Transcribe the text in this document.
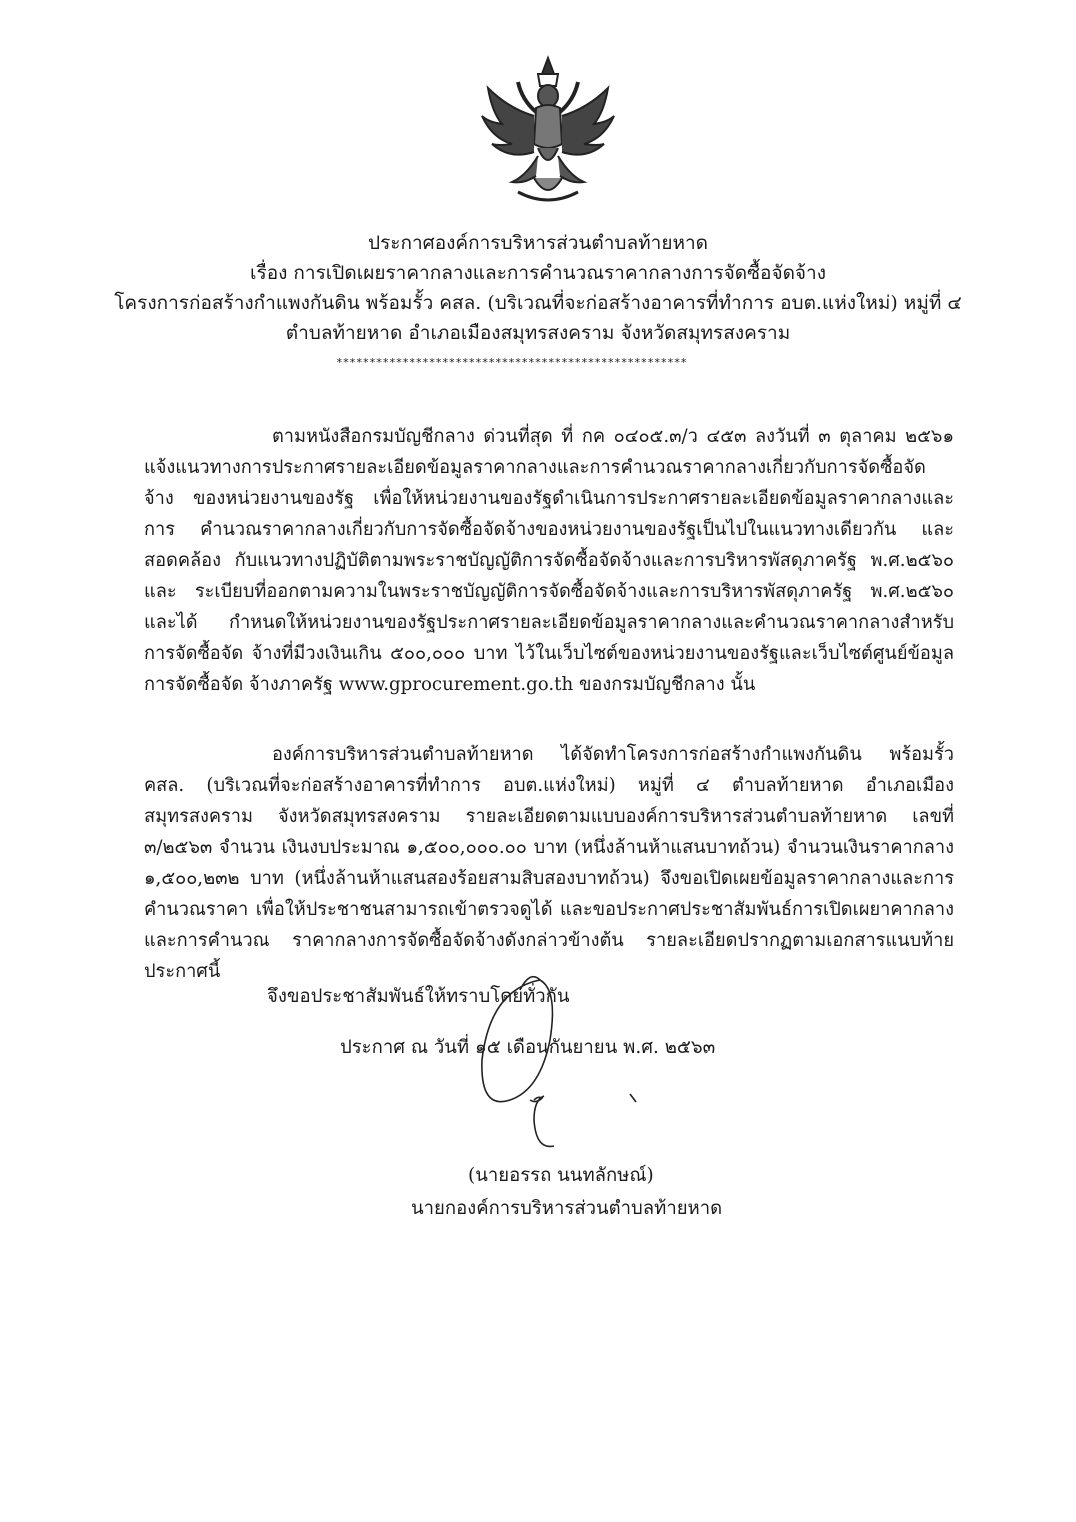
ประกาศองค์การบริหารส่วนตำบลท้ายหาด
เรื่อง การเปิดเผยราคากลางและการคำนวณราคากลางการจัดซื้อจัดจ้าง
โครงการก่อสร้างกำแพงกันดิน พร้อมรั้ว คสล. (บริเวณที่จะก่อสร้างอาคารที่ทำการ อบต.แห่งใหม่) หมู่ที่ ๔
ตำบลท้ายหาด อำเภอเมืองสมุทรสงคราม จังหวัดสมุทรสงคราม
*****************************************************
ตามหนังสือกรมบัญชีกลาง ด่วนที่สุด ที่ กค ๐๔๐๕.๓/ว ๔๕๓ ลงวันที่ ๓ ตุลาคม ๒๕๖๑ แจ้งแนวทางการประกาศรายละเอียดข้อมูลราคากลางและการคำนวณราคากลางเกี่ยวกับการจัดซื้อจัดจ้าง ของหน่วยงานของรัฐ เพื่อให้หน่วยงานของรัฐดำเนินการประกาศรายละเอียดข้อมูลราคากลางและการ คำนวณราคากลางเกี่ยวกับการจัดซื้อจัดจ้างของหน่วยงานของรัฐเป็นไปในแนวทางเดียวกัน และสอดคล้อง กับแนวทางปฏิบัติตามพระราชบัญญัติการจัดซื้อจัดจ้างและการบริหารพัสดุภาครัฐ พ.ศ.๒๕๖๐ และ ระเบียบที่ออกตามความในพระราชบัญญัติการจัดซื้อจัดจ้างและการบริหารพัสดุภาครัฐ พ.ศ.๒๕๖๐ และได้ กำหนดให้หน่วยงานของรัฐประกาศรายละเอียดข้อมูลราคากลางและคำนวณราคากลางสำหรับการจัดซื้อจัด จ้างที่มีวงเงินเกิน ๕๐๐,๐๐๐ บาท ไว้ในเว็บไซต์ของหน่วยงานของรัฐและเว็บไซต์ศูนย์ข้อมูลการจัดซื้อจัด จ้างภาครัฐ www.gprocurement.go.th ของกรมบัญชีกลาง นั้น
องค์การบริหารส่วนตำบลท้ายหาด ได้จัดทำโครงการก่อสร้างกำแพงกันดิน พร้อมรั้ว คสล. (บริเวณที่จะก่อสร้างอาคารที่ทำการ อบต.แห่งใหม่) หมู่ที่ ๔ ตำบลท้ายหาด อำเภอเมืองสมุทรสงคราม จังหวัดสมุทรสงคราม รายละเอียดตามแบบองค์การบริหารส่วนตำบลท้ายหาด เลขที่ ๓/๒๕๖๓ จำนวน เงินงบประมาณ ๑,๕๐๐,๐๐๐.๐๐ บาท (หนึ่งล้านห้าแสนบาทถ้วน) จำนวนเงินราคากลาง ๑,๕๐๐,๒๓๒ บาท (หนึ่งล้านห้าแสนสองร้อยสามสิบสองบาทถ้วน) จึงขอเปิดเผยข้อมูลราคากลางและการคำนวณราคา เพื่อให้ประชาชนสามารถเข้าตรวจดูได้ และขอประกาศประชาสัมพันธ์การเปิดเผยาคากลางและการคำนวณ ราคากลางการจัดซื้อจัดจ้างดังกล่าวข้างต้น รายละเอียดปรากฏตามเอกสารแนบท้ายประกาศนี้
จึงขอประชาสัมพันธ์ให้ทราบโดยทั่วกัน
ประกาศ ณ วันที่ ๑๕ เดือนกันยายน พ.ศ. ๒๕๖๓
(นายอรรถ นนทลักษณ์)
นายกองค์การบริหารส่วนตำบลท้ายหาด
